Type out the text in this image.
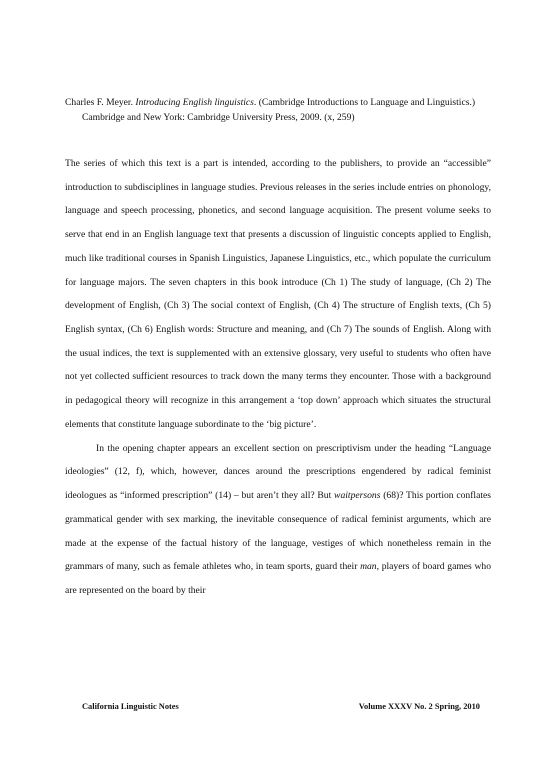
Charles F. Meyer. Introducing English linguistics. (Cambridge Introductions to Language and Linguistics.) Cambridge and New York: Cambridge University Press, 2009. (x, 259)

The series of which this text is a part is intended, according to the publishers, to provide an “accessible” introduction to subdisciplines in language studies. Previous releases in the series include entries on phonology, language and speech processing, phonetics, and second language acquisition. The present volume seeks to serve that end in an English language text that presents a discussion of linguistic concepts applied to English, much like traditional courses in Spanish Linguistics, Japanese Linguistics, etc., which populate the curriculum for language majors. The seven chapters in this book introduce (Ch 1) The study of language, (Ch 2) The development of English, (Ch 3) The social context of English, (Ch 4) The structure of English texts, (Ch 5) English syntax, (Ch 6) English words: Structure and meaning, and (Ch 7) The sounds of English. Along with the usual indices, the text is supplemented with an extensive glossary, very useful to students who often have not yet collected sufficient resources to track down the many terms they encounter. Those with a background in pedagogical theory will recognize in this arrangement a ‘top down’ approach which situates the structural elements that constitute language subordinate to the ‘big picture’.

In the opening chapter appears an excellent section on prescriptivism under the heading “Language ideologies” (12, f), which, however, dances around the prescriptions engendered by radical feminist ideologues as “informed prescription” (14) – but aren’t they all? But waitpersons (68)? This portion conflates grammatical gender with sex marking, the inevitable consequence of radical feminist arguments, which are made at the expense of the factual history of the language, vestiges of which nonetheless remain in the grammars of many, such as female athletes who, in team sports, guard their man, players of board games who are represented on the board by their

California Linguistic Notes	Volume XXXV No. 2 Spring, 2010
